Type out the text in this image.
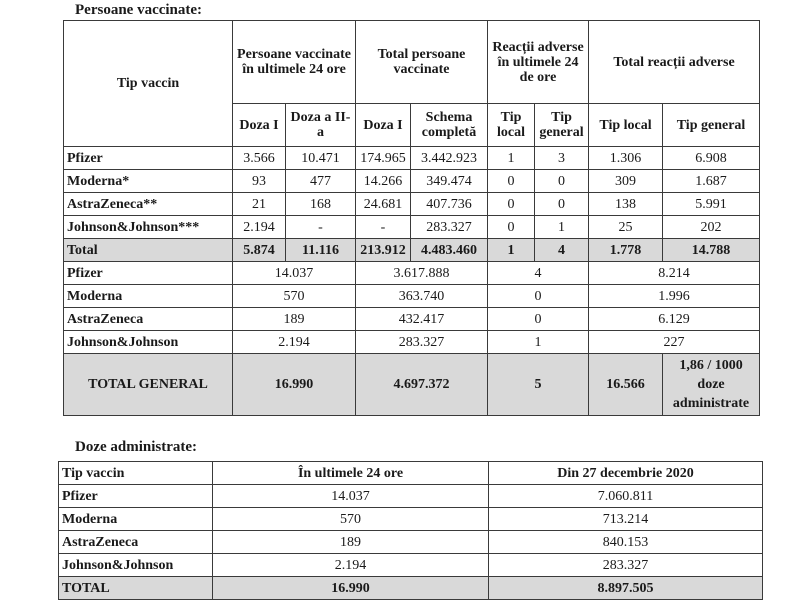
Persoane vaccinate:
Tip vaccin	Persoane vaccinate în ultimele 24 ore		Total persoane vaccinate		Reacții adverse în ultimele 24 de ore		Total reacții adverse	
	Doza I	Doza a II-a	Doza I	Schema completă	Tip local	Tip general	Tip local	Tip general
Pfizer	3.566	10.471	174.965	3.442.923	1	3	1.306	6.908
Moderna*	93	477	14.266	349.474	0	0	309	1.687
AstraZeneca**	21	168	24.681	407.736	0	0	138	5.991
Johnson&Johnson***	2.194	-	-	283.327	0	1	25	202
Total	5.874	11.116	213.912	4.483.460	1	4	1.778	14.788
Pfizer	14.037		3.617.888		4		8.214	
Moderna	570		363.740		0		1.996	
AstraZeneca	189		432.417		0		6.129	
Johnson&Johnson	2.194		283.327		1		227	
TOTAL GENERAL	16.990		4.697.372		5		16.566	1,86 / 1000 doze administrate
Doze administrate:
Tip vaccin	În ultimele 24 ore	Din 27 decembrie 2020
Pfizer	14.037	7.060.811
Moderna	570	713.214
AstraZeneca	189	840.153
Johnson&Johnson	2.194	283.327
TOTAL	16.990	8.897.505
